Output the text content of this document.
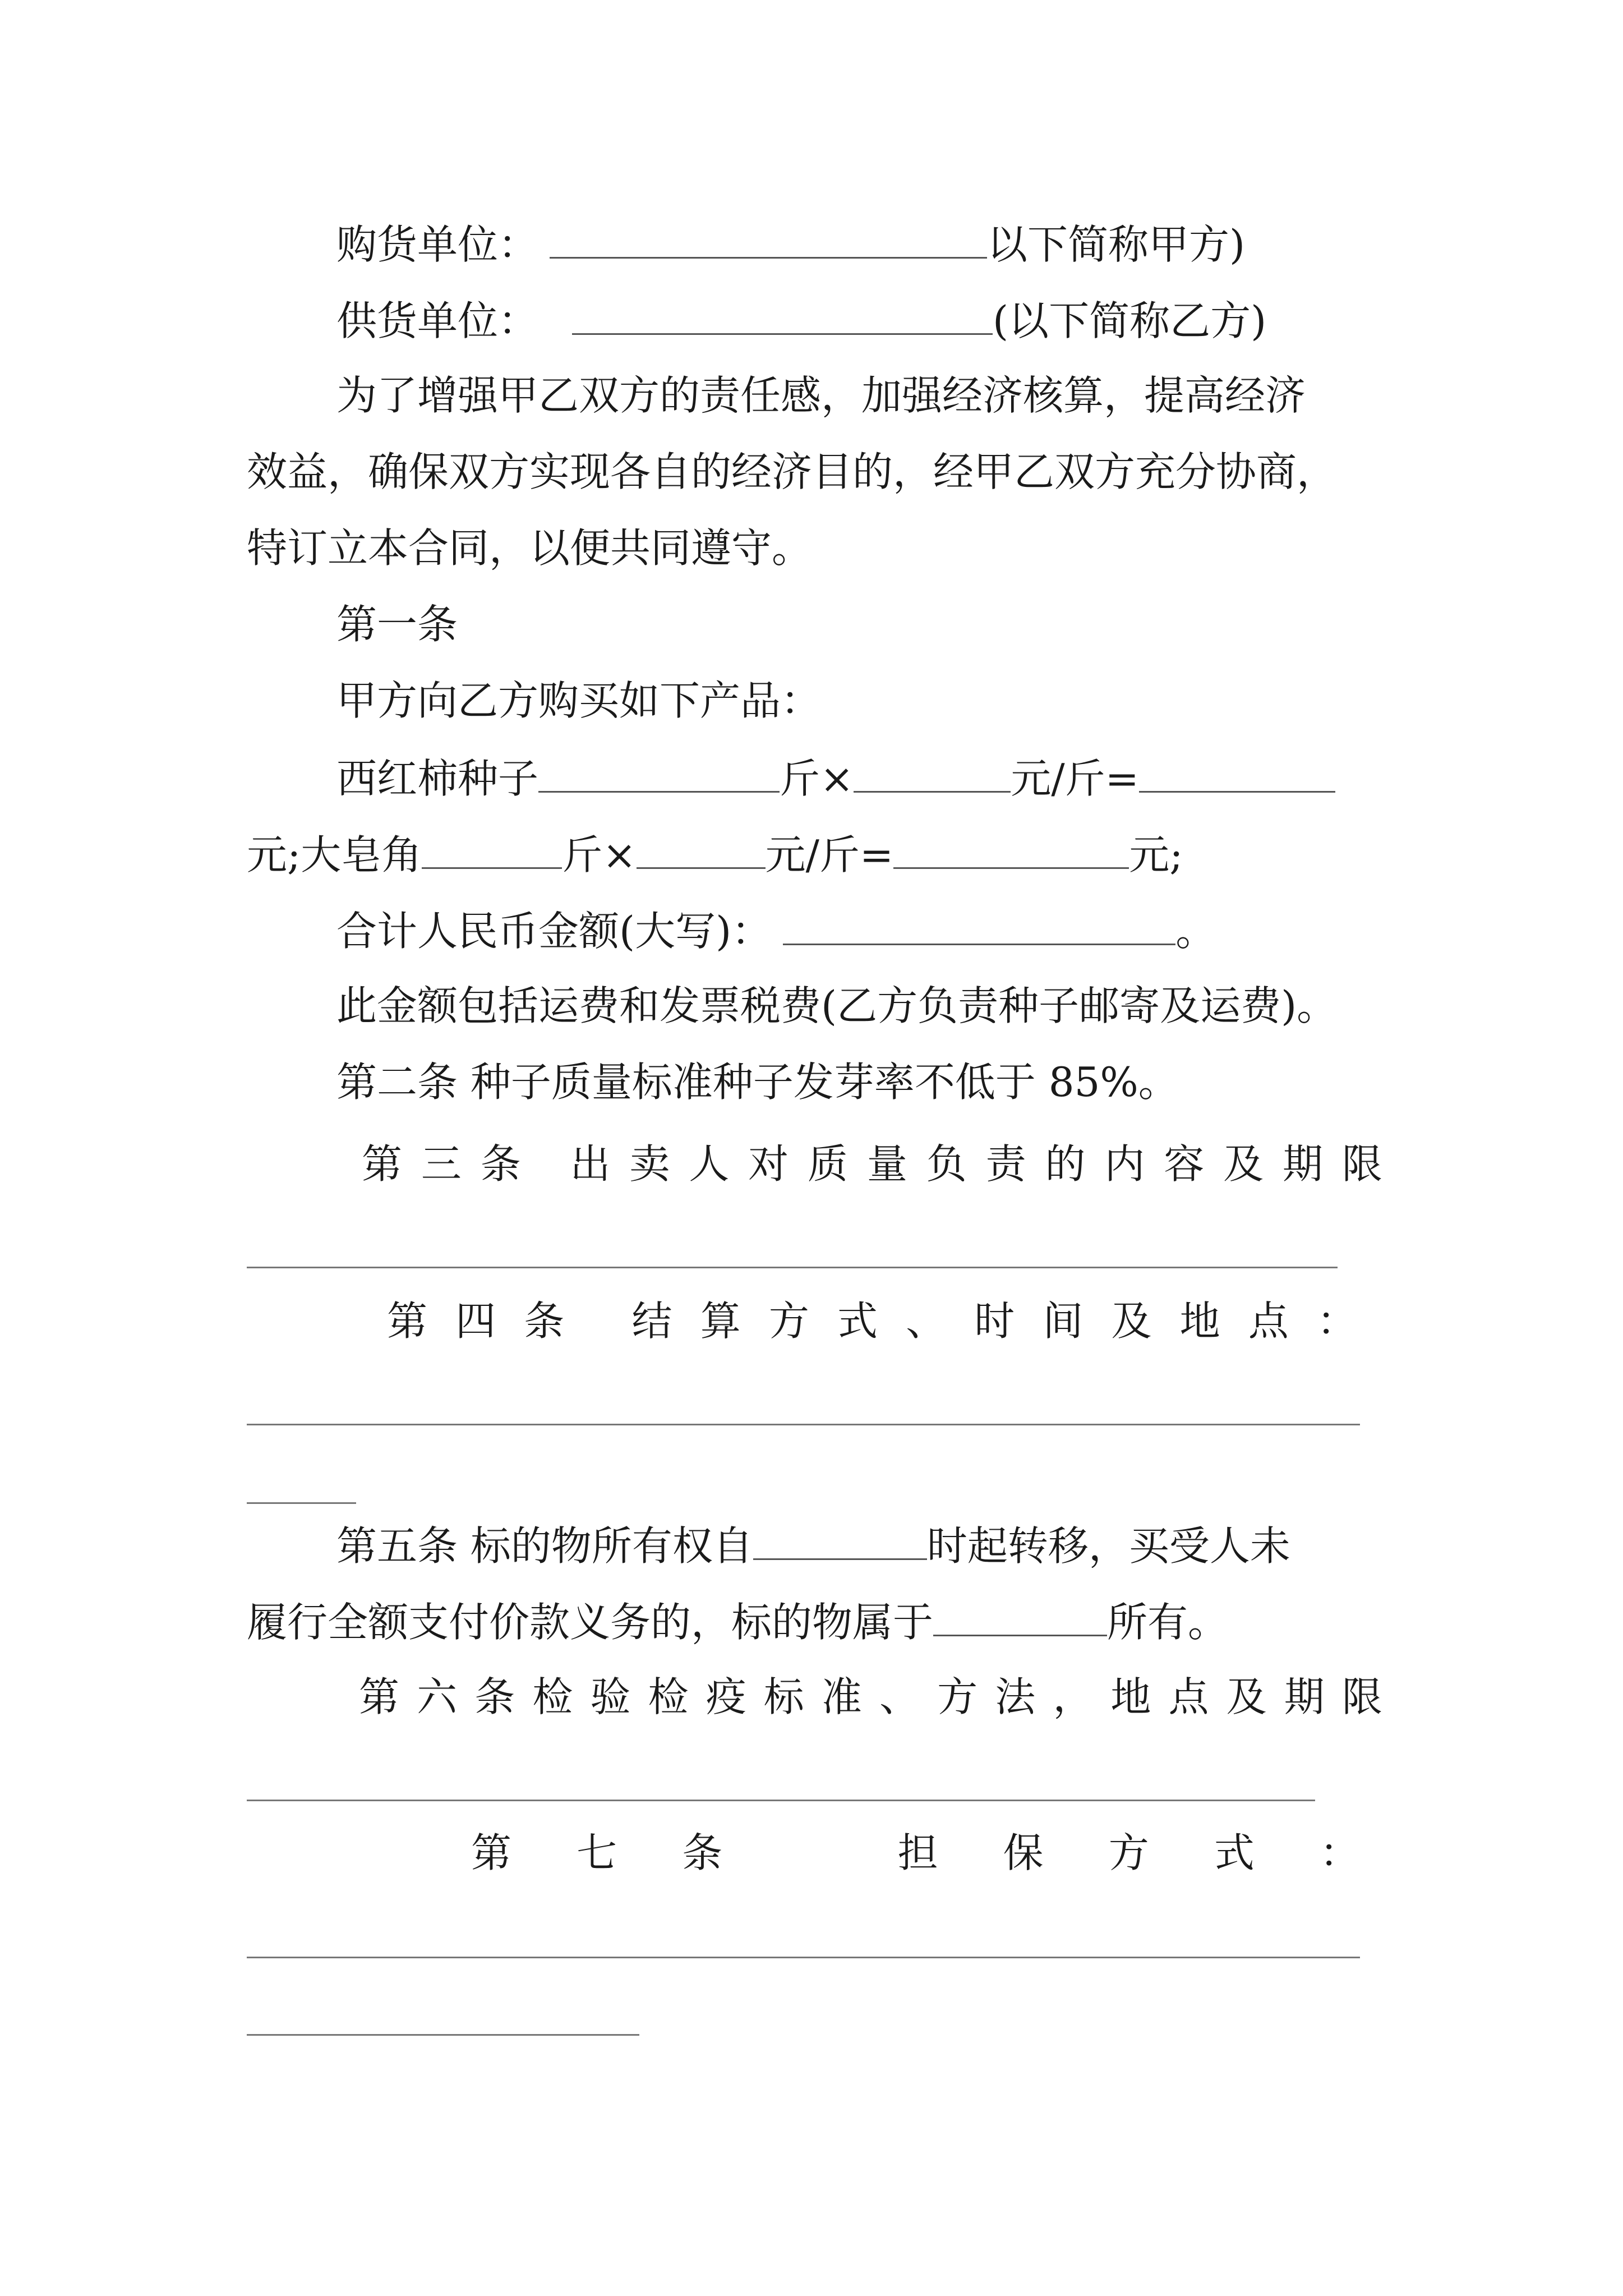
购货单位：	以下简称甲方)
供货单位：	(以下简称乙方)
为了增强甲乙双方的责任感，加强经济核算，提高经济
效益，确保双方实现各自的经济目的，经甲乙双方充分协商，
特订立本合同，以便共同遵守。
第一条
甲方向乙方购买如下产品：
西红柿种子	斤×	元/斤=
元;大皂角	斤×	元/斤=	元;
合计人民币金额(大写)：	。
此金额包括运费和发票税费(乙方负责种子邮寄及运费)。
第二条 种子质量标准种子发芽率不低于 85%。
第 三 条 出 卖 人 对 质 量 负 责 的 内 容 及 期 限
第 四 条 结 算 方 式 、 时 间 及 地 点 ：
第五条 标的物所有权自	时起转移，买受人未
履行全额支付价款义务的，标的物属于	所有。
第 六 条 检 验 检 疫 标 准 、 方 法 ， 地 点 及 期 限
第 七 条	担 保 方 式 ：
